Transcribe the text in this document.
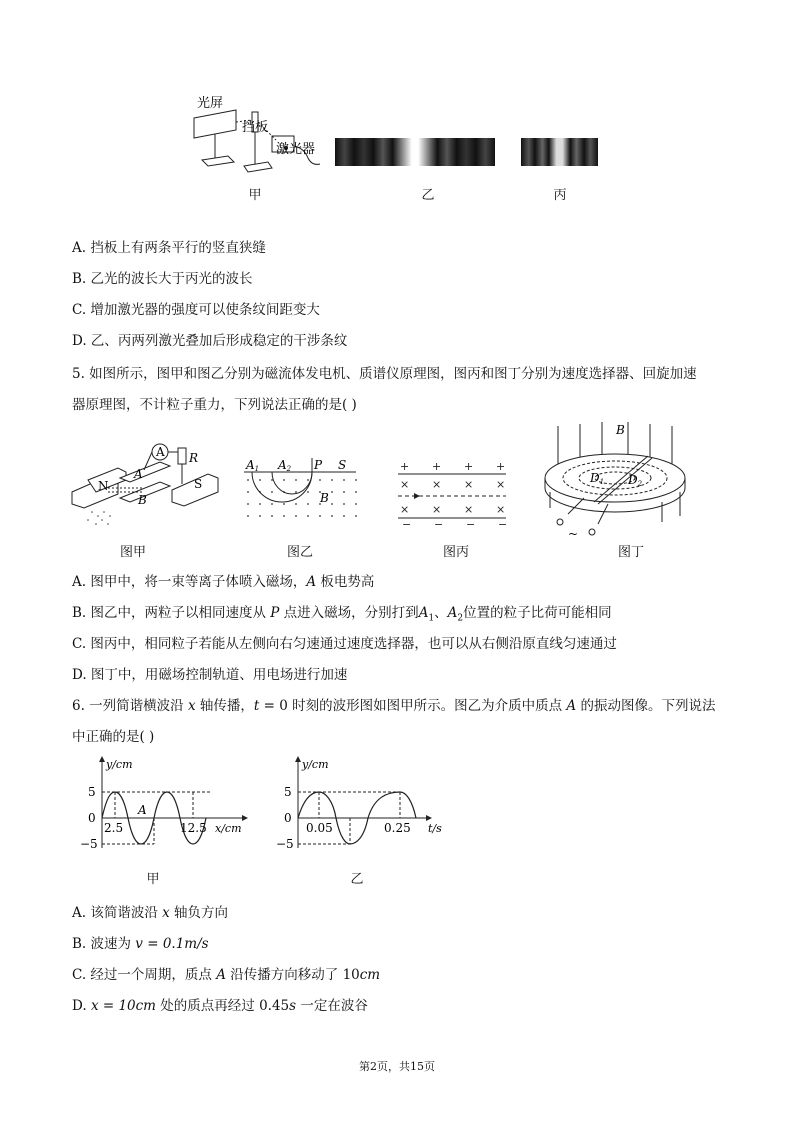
光屏
挡板
激光器
甲	乙	丙
A. 挡板上有两条平行的竖直狭缝
B. 乙光的波长大于丙光的波长
C. 增加激光器的强度可以使条纹间距变大
D. 乙、丙两列激光叠加后形成稳定的干涉条纹
5. 如图所示，图甲和图乙分别为磁流体发电机、质谱仪原理图，图丙和图丁分别为速度选择器、回旋加速
器原理图，不计粒子重力，下列说法正确的是( )
A R
N	S
A
B
A1 A2 P S
B
+ + + +
− − − −
× × × ×
× × × ×
B
D1 D2
~
图甲	图乙	图丙	图丁
A. 图甲中，将一束等离子体喷入磁场，A 板电势高
B. 图乙中，两粒子以相同速度从 P 点进入磁场，分别打到$A_1$、$A_2$位置的粒子比荷可能相同
C. 图丙中，相同粒子若能从左侧向右匀速通过速度选择器，也可以从右侧沿原直线匀速通过
D. 图丁中，用磁场控制轨道、用电场进行加速
6. 一列简谐横波沿 x 轴传播，t = 0 时刻的波形图如图甲所示。图乙为介质中质点 A 的振动图像。下列说法
中正确的是( )
y/cm
x/cm
5
0
−5
2.5	12.5
A
y/cm
t/s
5
0
−5
0.05	0.25
甲	乙
A. 该简谐波沿 x 轴负方向
B. 波速为 v = 0.1m/s
C. 经过一个周期，质点 A 沿传播方向移动了 10cm
D. x = 10cm 处的质点再经过 0.45s 一定在波谷
第2页，共15页
